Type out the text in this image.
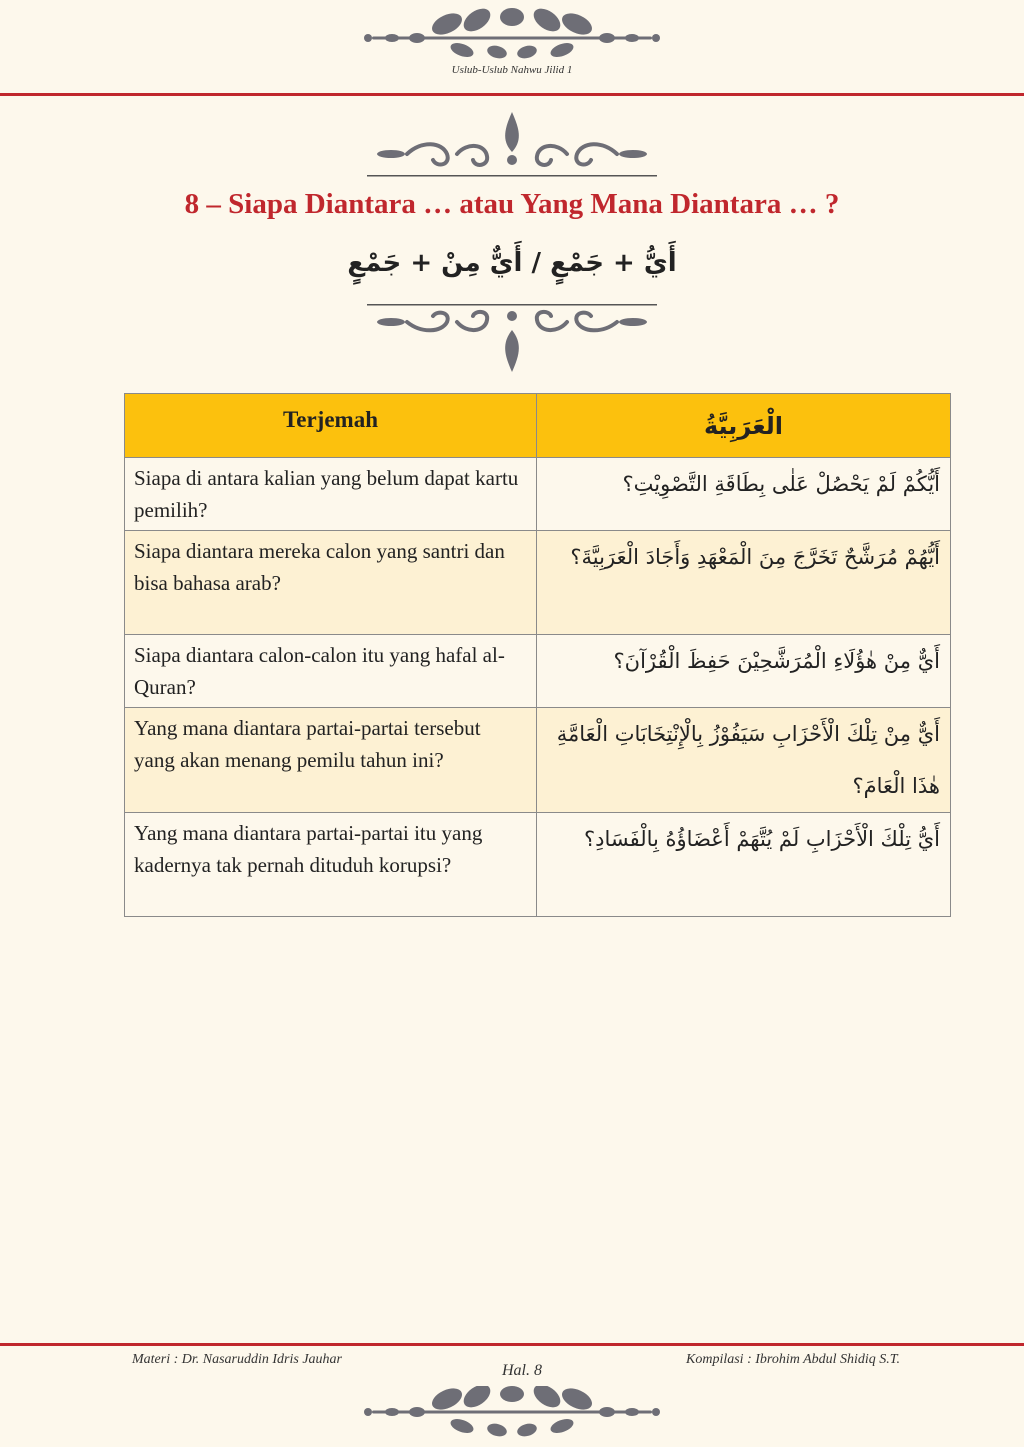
Uslub-Uslub Nahwu Jilid 1
8 – Siapa Diantara … atau Yang Mana Diantara … ?
أَيُّ + جَمْعٍ / أَيٌّ مِنْ + جَمْعٍ
Terjemah	الْعَرَبِيَّةُ
Siapa di antara kalian yang belum dapat kartu pemilih?	أَيُّكُمْ لَمْ يَحْصُلْ عَلٰى بِطَاقَةِ التَّصْوِيْتِ؟
Siapa diantara mereka calon yang santri dan bisa bahasa arab?	أَيُّهُمْ مُرَشَّحٌ تَخَرَّجَ مِنَ الْمَعْهَدِ وَأَجَادَ الْعَرَبِيَّةَ؟
Siapa diantara calon-calon itu yang hafal al-Quran?	أَيٌّ مِنْ هٰؤُلَاءِ الْمُرَشَّحِيْنَ حَفِظَ الْقُرْآنَ؟
Yang mana diantara partai-partai tersebut yang akan menang pemilu tahun ini?	أَيٌّ مِنْ تِلْكَ الْأَحْزَابِ سَيَفُوْزُ بِالْإِنْتِخَابَاتِ الْعَامَّةِ هٰذَا الْعَامَ؟
Yang mana diantara partai-partai itu yang kadernya tak pernah dituduh korupsi?	أَيُّ تِلْكَ الْأَحْزَابِ لَمْ يُتَّهَمْ أَعْضَاؤُهُ بِالْفَسَادِ؟
Materi : Dr. Nasaruddin Idris Jauhar	Kompilasi : Ibrohim Abdul Shidiq S.T.
Hal. 8
